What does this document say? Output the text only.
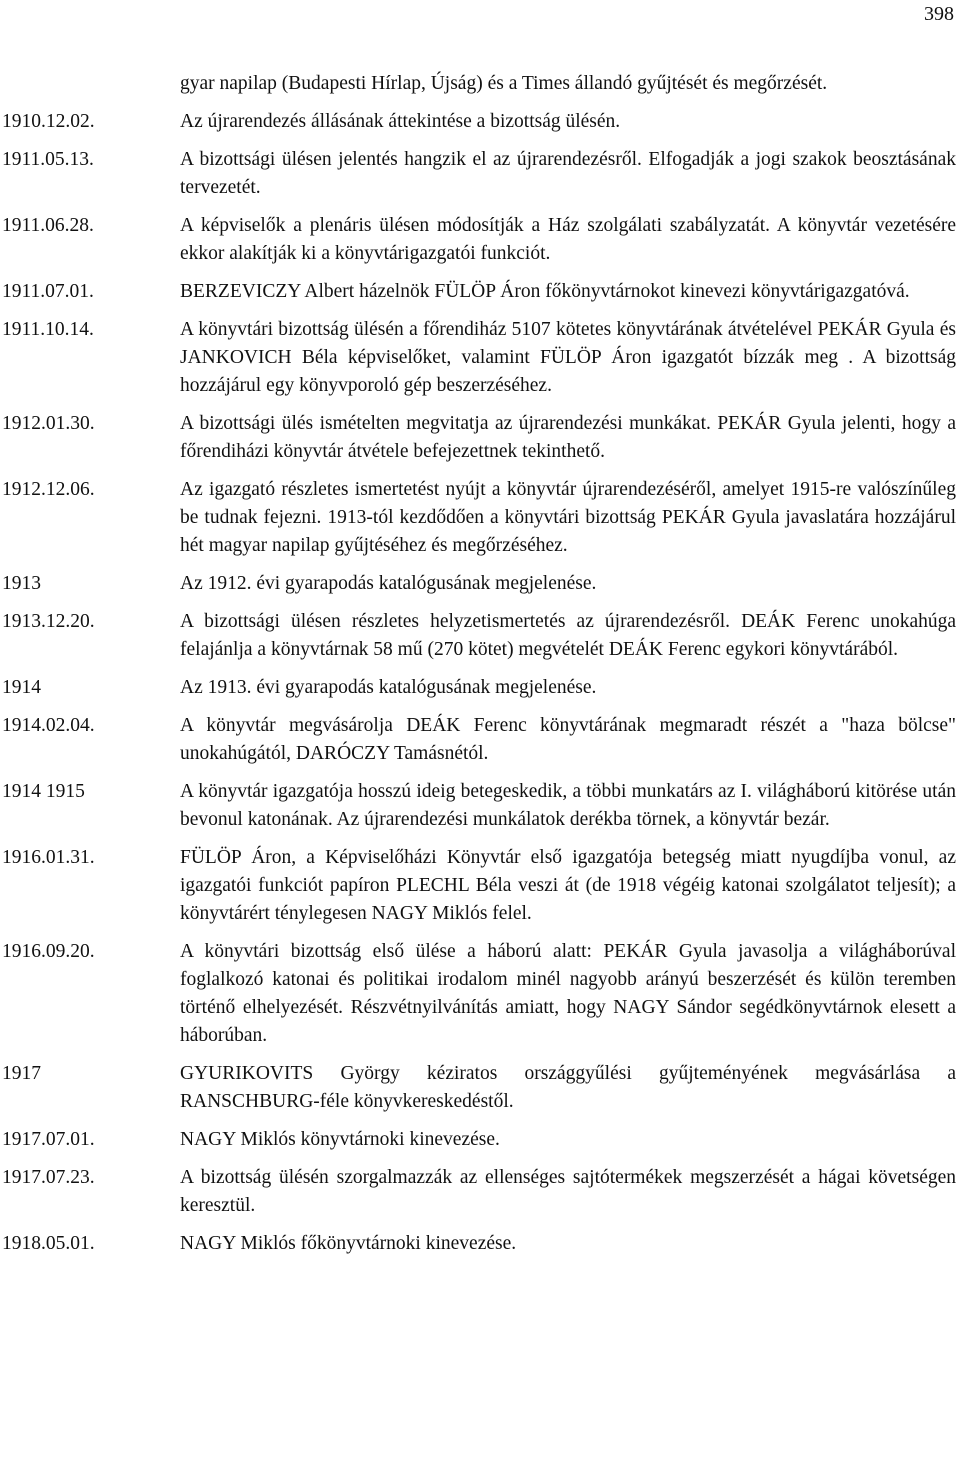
398
gyar napilap (Budapesti Hírlap, Újság) és a Times állandó gyűjtését és megőrzését.
1910.12.02.	Az újrarendezés állásának áttekintése a bizottság ülésén.
1911.05.13.	A bizottsági ülésen jelentés hangzik el az újrarendezésről. Elfogadják a jogi szakok beosztásának tervezetét.
1911.06.28.	A képviselők a plenáris ülésen módosítják a Ház szolgálati szabályzatát. A könyvtár vezetésére ekkor alakítják ki a könyvtárigazgatói funkciót.
1911.07.01.	BERZEVICZY Albert házelnök FÜLÖP Áron főkönyvtárnokot kinevezi könyvtárigazgatóvá.
1911.10.14.	A könyvtári bizottság ülésén a főrendiház 5107 kötetes könyvtárának átvételével PEKÁR Gyula és JANKOVICH Béla képviselőket, valamint FÜLÖP Áron igazgatót bízzák meg . A bizottság hozzájárul egy könyvporoló gép beszerzéséhez.
1912.01.30.	A bizottsági ülés ismételten megvitatja az újrarendezési munkákat. PEKÁR Gyula jelenti, hogy a főrendiházi könyvtár átvétele befejezettnek tekinthető.
1912.12.06.	Az igazgató részletes ismertetést nyújt a könyvtár újrarendezéséről, amelyet 1915-re valószínűleg be tudnak fejezni. 1913-tól kezdődően a könyvtári bizottság PEKÁR Gyula javaslatára hozzájárul hét magyar napilap gyűjtéséhez és megőrzéséhez.
1913	Az 1912. évi gyarapodás katalógusának megjelenése.
1913.12.20.	A bizottsági ülésen részletes helyzetismertetés az újrarendezésről. DEÁK Ferenc unokahúga felajánlja a könyvtárnak 58 mű (270 kötet) megvételét DEÁK Ferenc egykori könyvtárából.
1914	Az 1913. évi gyarapodás katalógusának megjelenése.
1914.02.04.	A könyvtár megvásárolja DEÁK Ferenc könyvtárának megmaradt részét a "haza bölcse" unokahúgától, DARÓCZY Tamásnétól.
1914 1915	A könyvtár igazgatója hosszú ideig betegeskedik, a többi munkatárs az I. világháború kitörése után bevonul katonának. Az újrarendezési munkálatok derékba törnek, a könyvtár bezár.
1916.01.31.	FÜLÖP Áron, a Képviselőházi Könyvtár első igazgatója betegség miatt nyugdíjba vonul, az igazgatói funkciót papíron PLECHL Béla veszi át (de 1918 végéig katonai szolgálatot teljesít); a könyvtárért ténylegesen NAGY Miklós felel.
1916.09.20.	A könyvtári bizottság első ülése a háború alatt: PEKÁR Gyula javasolja a világháborúval foglalkozó katonai és politikai irodalom minél nagyobb arányú beszerzését és külön teremben történő elhelyezését. Részvétnyilvánítás amiatt, hogy NAGY Sándor segédkönyvtárnok elesett a háborúban.
1917	GYURIKOVITS György kéziratos országgyűlési gyűjteményének megvásárlása a RANSCHBURG-féle könyvkereskedéstől.
1917.07.01.	NAGY Miklós könyvtárnoki kinevezése.
1917.07.23.	A bizottság ülésén szorgalmazzák az ellenséges sajtótermékek megszerzését a hágai követségen keresztül.
1918.05.01.	NAGY Miklós főkönyvtárnoki kinevezése.
